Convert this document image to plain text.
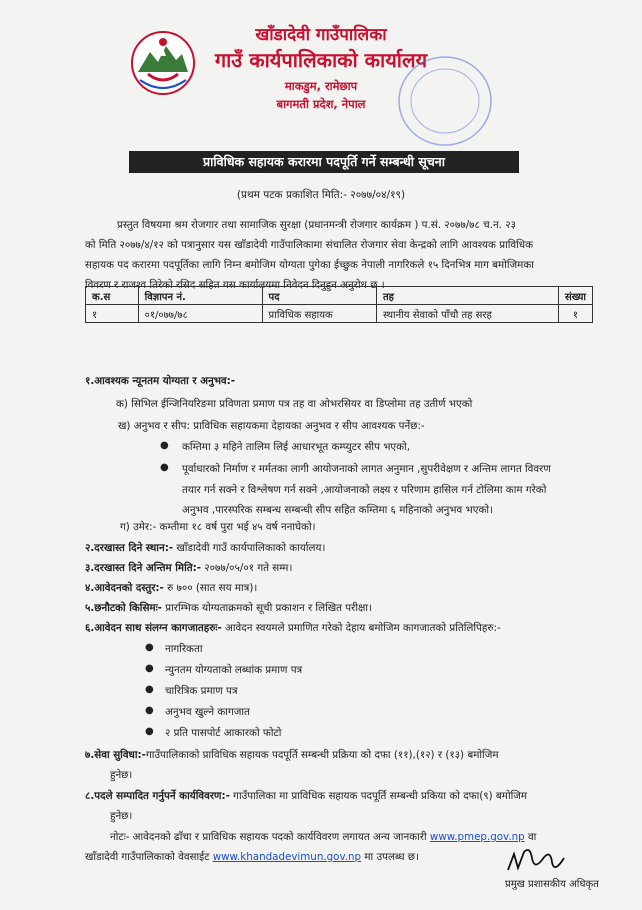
खाँडादेवी गाउँपालिका
गाउँ कार्यपालिकाको कार्यालय
माकडुम, रामेछाप
बागमती प्रदेश, नेपाल
प्राविधिक सहायक करारमा पदपूर्ति गर्ने सम्बन्धी सूचना
(प्रथम पटक प्रकाशित मिति:- २०७७/०४/१९)
प्रस्तुत विषयमा श्रम रोजगार तथा सामाजिक सुरक्षा (प्रधानमन्त्री रोजगार कार्यक्रम ) प.सं. २०७७/७८ च.न. २३
को मिति २०७७/४/१२ को पत्रानुसार यस खाँडादेवी गाउँपालिकामा संचालित रोजगार सेवा केन्द्रको लागि आवश्यक प्राविधिक
सहायक पद करारमा पदपूर्तिका लागि निम्न बमोजिम योग्यता पुगेका ईच्छुक नेपाली नागरिकले १५ दिनभित्र माग बमोजिमका
विवरण र राजश्व तिरेको रसिद सहित यस कार्यालयमा निवेदन दिनुहुन अनुरोध छ ।
क.स	विज्ञापन नं.	पद	तह	संख्या
१	०१/०७७/७८	प्राविधिक सहायक	स्थानीय सेवाको पाँचौ तह सरह	१
१.आवश्यक न्यूनतम योग्यता र अनुभव:-
क) सिभिल ईन्जिनियरिङमा प्रविणता प्रमाण पत्र तह वा ओभरसियर वा डिप्लोमा तह उतीर्ण भएको
ख) अनुभव र सीप: प्राविधिक सहायकमा देहायका अनुभव र सीप आवश्यक पर्नेछ:-
● कम्तिमा ३ महिने तालिम लिई आधारभूत कम्प्युटर सीप भएको,
● पूर्वाधारको निर्माण र मर्मतका लागी आयोजनाको लागत अनुमान ,सुपरीवेक्षण र अन्तिम लागत विवरण
तयार गर्न सक्ने र विश्लेषण गर्न सक्ने ,आयोजनाको लक्ष्य र परिणाम हासिल गर्न टोलिमा काम गरेको
अनुभव ,पारस्परिक सम्बन्ध सम्बन्धी सीप सहित कम्तिमा ६ महिनाको अनुभव भएको।
ग) उमेर:- कम्तीमा १८ वर्ष पुरा भई ४५ वर्ष ननाघेको।
२.दरखास्त दिने स्थान:- खाँडादेवी गाउँ कार्यपालिकाको कार्यालय।
३.दरखास्त दिने अन्तिम मिति:- २०७७/०५/०१ गते सम्म।
४.आवेदनको दस्तुर:- रु ७०० (सात सय मात्र)।
५.छनौटको किसिमः- प्रारम्भिक योग्यताक्रमको सूची प्रकाशन र लिखित परीक्षा।
६.आवेदन साथ संलग्न कागजातहरुः- आवेदन स्वयमले प्रमाणित गरेको देहाय बमोजिम कागजातको प्रतिलिपिहरु:-
● नागरिकता
● न्युनतम योग्यताको लब्धांक प्रमाण पत्र
● चारित्रिक प्रमाण पत्र
● अनुभव खुल्ने कागजात
● २ प्रति पासपोर्ट आकारको फोटो
७.सेवा सुविधा:-गाउँपालिकाको प्राविधिक सहायक पदपूर्ति सम्बन्धी प्रक्रिया को दफा (११),(१२) र (१३) बमोजिम
हुनेछ।
८.पदले सम्पादित गर्नुपर्ने कार्यविवरण:- गाउँपालिका मा प्राविधिक सहायक पदपूर्ति सम्बन्धी प्रकिया को दफा(९) बमोजिम
हुनेछ।
नोटः- आवेदनको ढाँचा र प्राविधिक सहायक पदको कार्यविवरण लगायत अन्य जानकारी www.pmep.gov.np वा
खाँडादेवी गाउँपालिकाको वेवसाईट www.khandadevimun.gov.np मा उपलब्ध छ।
प्रमुख प्रशासकीय अधिकृत
